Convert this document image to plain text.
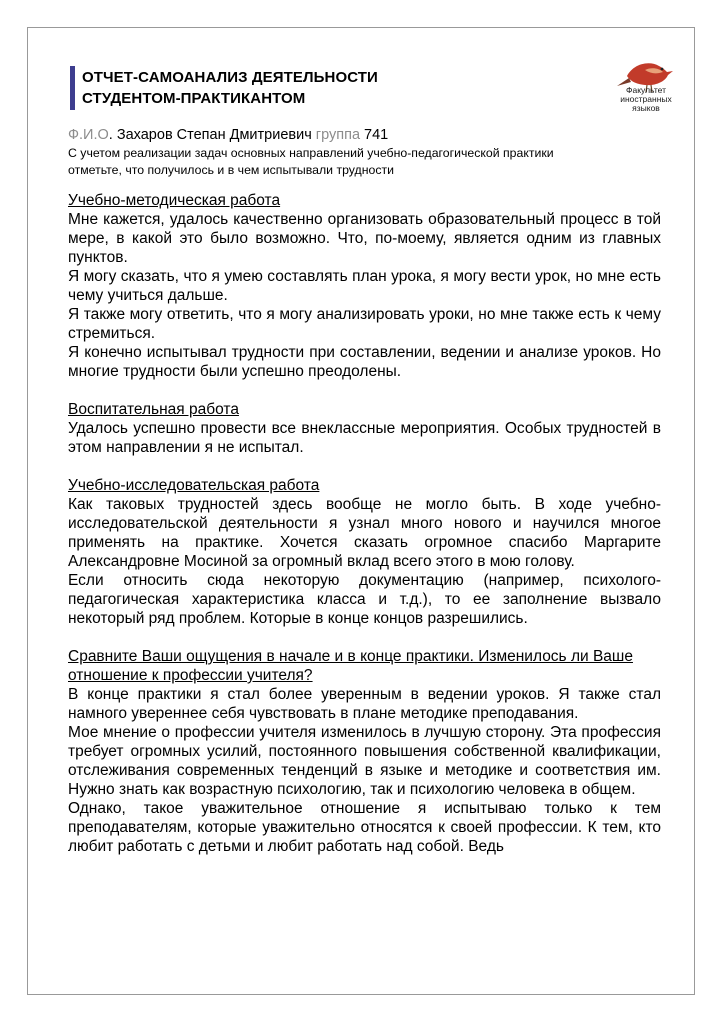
ОТЧЕТ-САМОАНАЛИЗ ДЕЯТЕЛЬНОСТИ
СТУДЕНТОМ-ПРАКТИКАНТОМ	Факультет
иностранных
языков
Ф.И.О. Захаров Степан Дмитриевич группа 741
С учетом реализации задач основных направлений учебно-педагогической практики
отметьте, что получилось и в чем испытывали трудности
Учебно-методическая работа
Мне кажется, удалось качественно организовать образовательный процесс в той мере, в какой это было возможно. Что, по-моему, является одним из главных пунктов.
Я могу сказать, что я умею составлять план урока, я могу вести урок, но мне есть чему учиться дальше.
Я также могу ответить, что я могу анализировать уроки, но мне также есть к чему стремиться.
Я конечно испытывал трудности при составлении, ведении и анализе уроков. Но многие трудности были успешно преодолены.
Воспитательная работа
Удалось успешно провести все внеклассные мероприятия. Особых трудностей в этом направлении я не испытал.
Учебно-исследовательская работа
Как таковых трудностей здесь вообще не могло быть. В ходе учебно-исследовательской деятельности я узнал много нового и научился многое применять на практике. Хочется сказать огромное спасибо Маргарите Александровне Мосиной за огромный вклад всего этого в мою голову.
Если относить сюда некоторую документацию (например, психолого-педагогическая характеристика класса и т.д.), то ее заполнение вызвало некоторый ряд проблем. Которые в конце концов разрешились.
Сравните Ваши ощущения в начале и в конце практики. Изменилось ли Ваше отношение к профессии учителя?
В конце практики я стал более уверенным в ведении уроков. Я также стал намного увереннее себя чувствовать в плане методике преподавания.
Мое мнение о профессии учителя изменилось в лучшую сторону. Эта профессия требует огромных усилий, постоянного повышения собственной квалификации, отслеживания современных тенденций в языке и методике и соответствия им. Нужно знать как возрастную психологию, так и психологию человека в общем.
Однако, такое уважительное отношение я испытываю только к тем преподавателям, которые уважительно относятся к своей профессии. К тем, кто любит работать с детьми и любит работать над собой. Ведь
